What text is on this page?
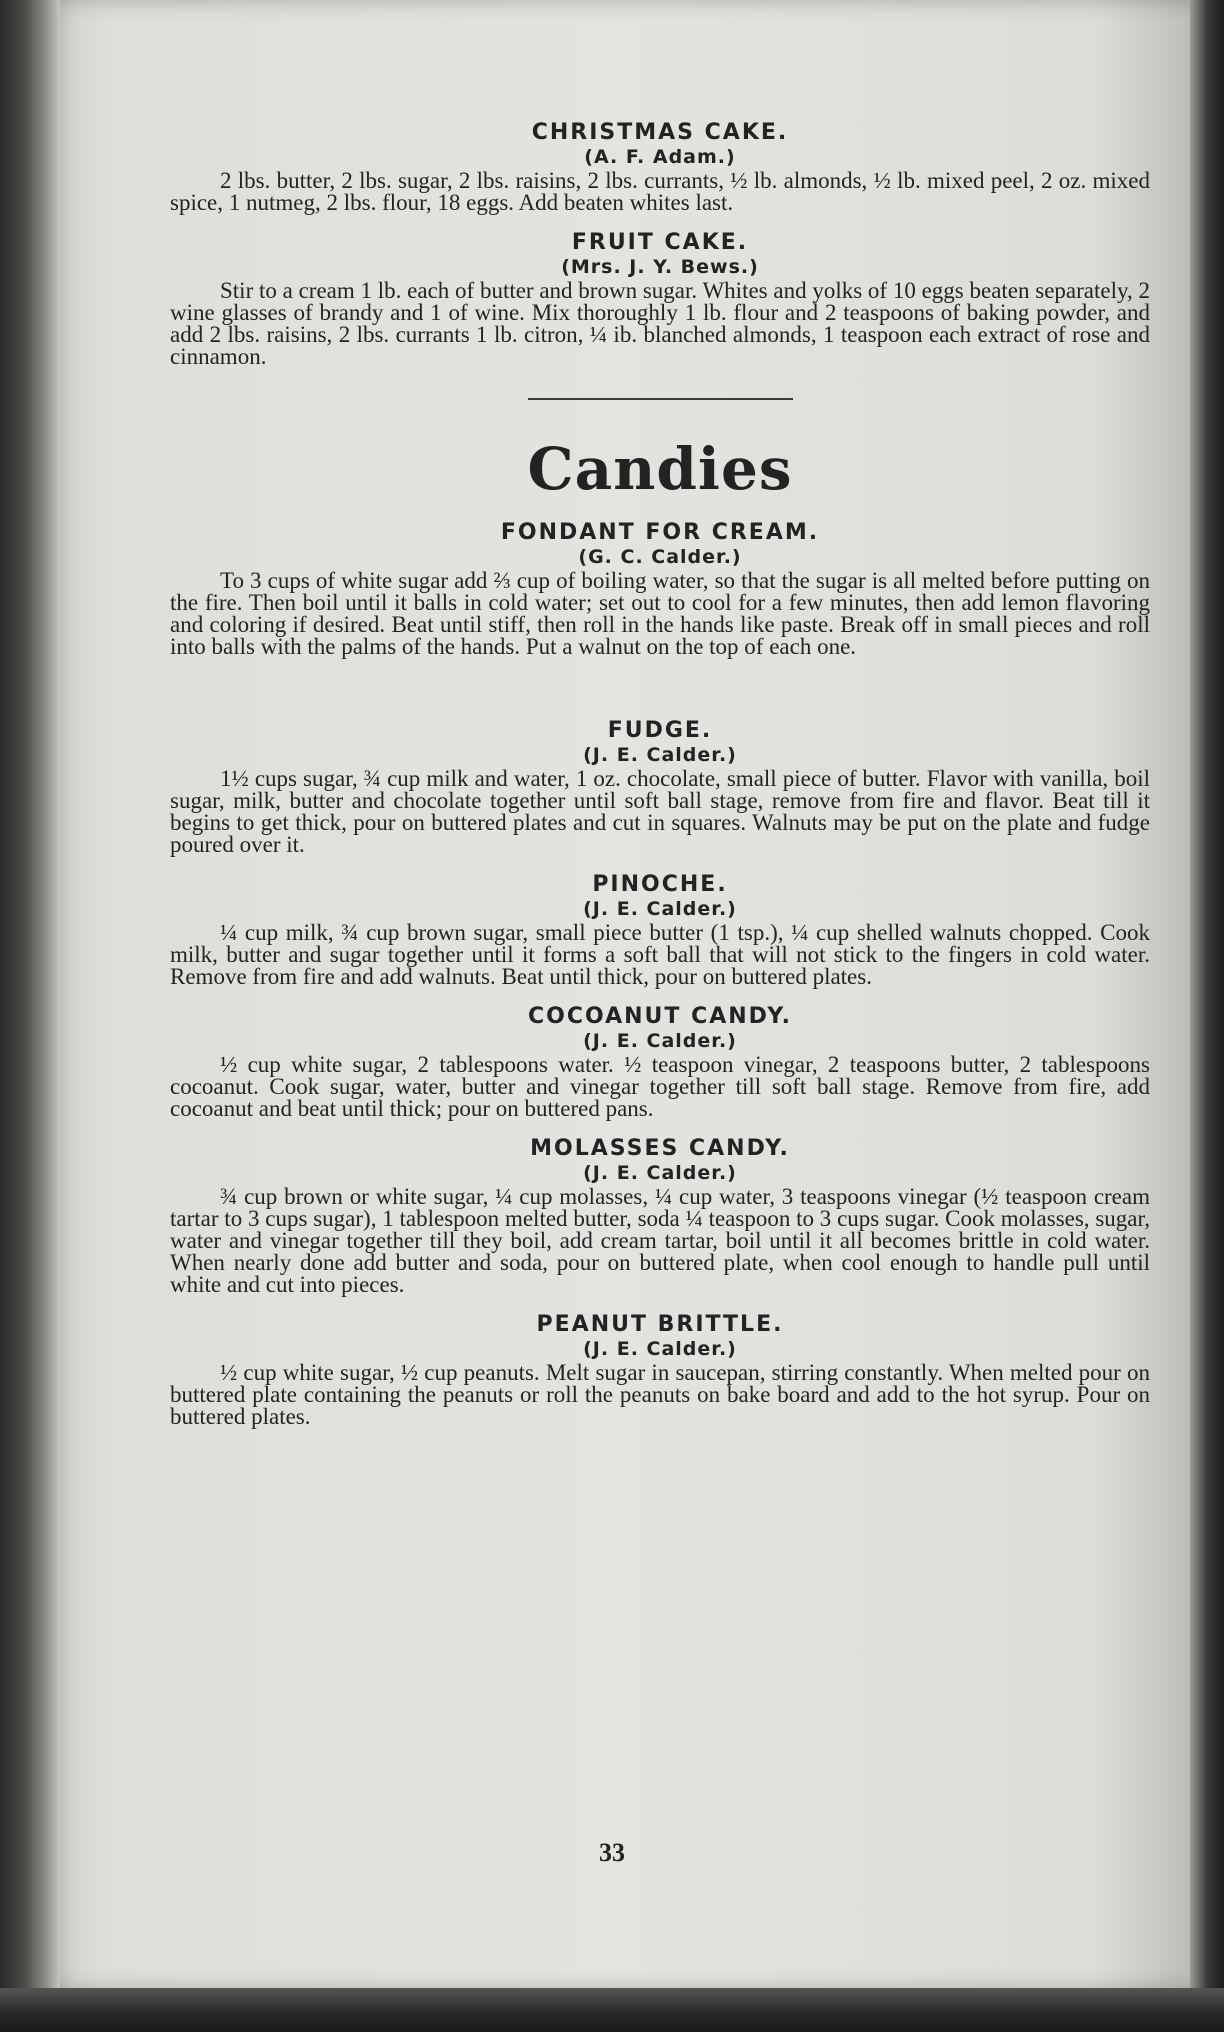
CHRISTMAS CAKE.

(A. F. Adam.)

2 lbs. butter, 2 lbs. sugar, 2 lbs. raisins, 2 lbs. currants, ½ lb. almonds, ½ lb. mixed peel, 2 oz. mixed spice, 1 nutmeg, 2 lbs. flour, 18 eggs. Add beaten whites last.

FRUIT CAKE.

(Mrs. J. Y. Bews.)

Stir to a cream 1 lb. each of butter and brown sugar. Whites and yolks of 10 eggs beaten separately, 2 wine glasses of brandy and 1 of wine. Mix thoroughly 1 lb. flour and 2 teaspoons of baking powder, and add 2 lbs. raisins, 2 lbs. currants 1 lb. citron, ¼ ib. blanched almonds, 1 teaspoon each extract of rose and cinnamon.

Candies

FONDANT FOR CREAM.

(G. C. Calder.)

To 3 cups of white sugar add ⅔ cup of boiling water, so that the sugar is all melted before putting on the fire. Then boil until it balls in cold water; set out to cool for a few minutes, then add lemon flavoring and coloring if desired. Beat until stiff, then roll in the hands like paste. Break off in small pieces and roll into balls with the palms of the hands. Put a walnut on the top of each one.

FUDGE.

(J. E. Calder.)

1½ cups sugar, ¾ cup milk and water, 1 oz. chocolate, small piece of butter. Flavor with vanilla, boil sugar, milk, butter and chocolate together until soft ball stage, remove from fire and flavor. Beat till it begins to get thick, pour on buttered plates and cut in squares. Walnuts may be put on the plate and fudge poured over it.

PINOCHE.

(J. E. Calder.)

¼ cup milk, ¾ cup brown sugar, small piece butter (1 tsp.), ¼ cup shelled walnuts chopped. Cook milk, butter and sugar together until it forms a soft ball that will not stick to the fingers in cold water. Remove from fire and add walnuts. Beat until thick, pour on buttered plates.

COCOANUT CANDY.

(J. E. Calder.)

½ cup white sugar, 2 tablespoons water. ½ teaspoon vinegar, 2 teaspoons butter, 2 tablespoons cocoanut. Cook sugar, water, butter and vinegar together till soft ball stage. Remove from fire, add cocoanut and beat until thick; pour on buttered pans.

MOLASSES CANDY.

(J. E. Calder.)

¾ cup brown or white sugar, ¼ cup molasses, ¼ cup water, 3 teaspoons vinegar (½ teaspoon cream tartar to 3 cups sugar), 1 tablespoon melted butter, soda ¼ teaspoon to 3 cups sugar. Cook molasses, sugar, water and vinegar together till they boil, add cream tartar, boil until it all becomes brittle in cold water. When nearly done add butter and soda, pour on buttered plate, when cool enough to handle pull until white and cut into pieces.

PEANUT BRITTLE.

(J. E. Calder.)

½ cup white sugar, ½ cup peanuts. Melt sugar in saucepan, stirring constantly. When melted pour on buttered plate containing the peanuts or roll the peanuts on bake board and add to the hot syrup. Pour on buttered plates.

33
